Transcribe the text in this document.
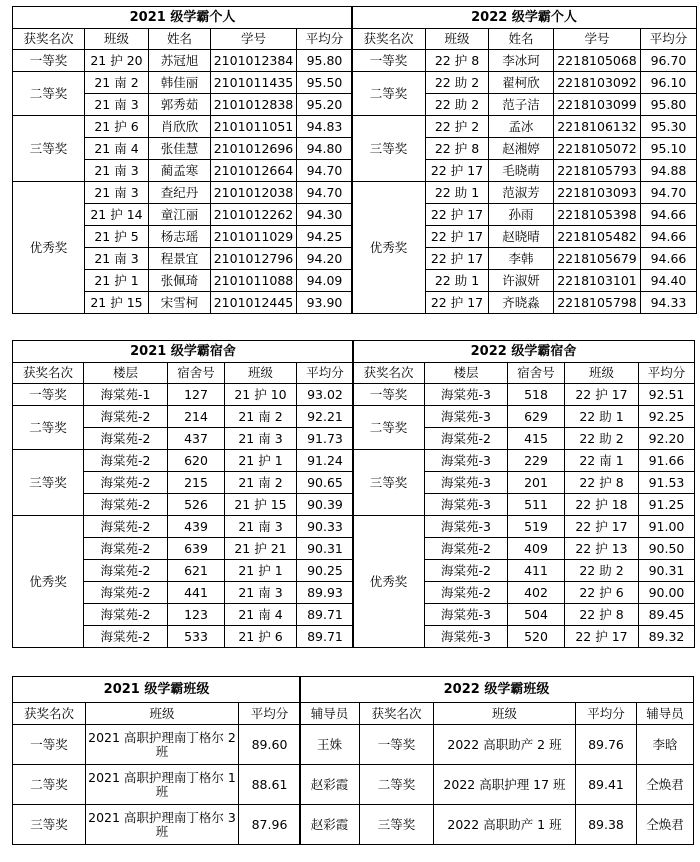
2021 级学霸个人				
获奖名次	班级	姓名	学号	平均分
一等奖	21 护 20	苏冠旭	2101012384	95.80
二等奖	21 南 2	韩佳丽	2101011435	95.50
	21 南 3	郭秀茹	2101012838	95.20
三等奖	21 护 6	肖欣欣	2101011051	94.83
	21 南 4	张佳慧	2101012696	94.80
	21 南 3	蔺孟寒	2101012664	94.70
优秀奖	21 南 3	查纪丹	2101012038	94.70
	21 护 14	童江丽	2101012262	94.30
	21 护 5	杨志瑶	2101011029	94.25
	21 南 3	程景宜	2101012796	94.20
	21 护 1	张佩琦	2101011088	94.09
	21 护 15	宋雪柯	2101012445	93.90
2022 级学霸个人				
获奖名次	班级	姓名	学号	平均分
一等奖	22 护 8	李冰珂	2218105068	96.70
二等奖	22 助 2	翟柯欣	2218103092	96.10
	22 助 2	范子洁	2218103099	95.80
三等奖	22 护 2	孟冰	2218106132	95.30
	22 护 8	赵湘婷	2218105072	95.10
	22 护 17	毛晓萌	2218105793	94.88
优秀奖	22 助 1	范淑芳	2218103093	94.70
	22 护 17	孙雨	2218105398	94.66
	22 护 17	赵晓晴	2218105482	94.66
	22 护 17	李韩	2218105679	94.66
	22 助 1	许淑妍	2218103101	94.40
	22 护 17	齐晓淼	2218105798	94.33
2021 级学霸宿舍				
获奖名次	楼层	宿舍号	班级	平均分
一等奖	海棠苑-1	127	21 护 10	93.02
二等奖	海棠苑-2	214	21 南 2	92.21
	海棠苑-2	437	21 南 3	91.73
三等奖	海棠苑-2	620	21 护 1	91.24
	海棠苑-2	215	21 南 2	90.65
	海棠苑-2	526	21 护 15	90.39
优秀奖	海棠苑-2	439	21 南 3	90.33
	海棠苑-2	639	21 护 21	90.31
	海棠苑-2	621	21 护 1	90.25
	海棠苑-2	441	21 南 3	89.93
	海棠苑-2	123	21 南 4	89.71
	海棠苑-2	533	21 护 6	89.71
2022 级学霸宿舍				
获奖名次	楼层	宿舍号	班级	平均分
一等奖	海棠苑-3	518	22 护 17	92.51
二等奖	海棠苑-3	629	22 助 1	92.25
	海棠苑-2	415	22 助 2	92.20
三等奖	海棠苑-3	229	22 南 1	91.66
	海棠苑-3	201	22 护 8	91.53
	海棠苑-3	511	22 护 18	91.25
优秀奖	海棠苑-3	519	22 护 17	91.00
	海棠苑-2	409	22 护 13	90.50
	海棠苑-2	411	22 助 2	90.31
	海棠苑-2	402	22 护 6	90.00
	海棠苑-3	504	22 护 8	89.45
	海棠苑-3	520	22 护 17	89.32
2021 级学霸班级			
获奖名次	班级	平均分	
一等奖	2021 高职护理南丁格尔 2 班	89.60	
二等奖	2021 高职护理南丁格尔 1 班	88.61	
三等奖	2021 高职护理南丁格尔 3 班	87.96	
2022 级学霸班级				
辅导员	获奖名次	班级	平均分	辅导员
王姝	一等奖	2022 高职助产 2 班	89.76	李晗
赵彩霞	二等奖	2022 高职护理 17 班	89.41	仝焕君
赵彩霞	三等奖	2022 高职助产 1 班	89.38	仝焕君
